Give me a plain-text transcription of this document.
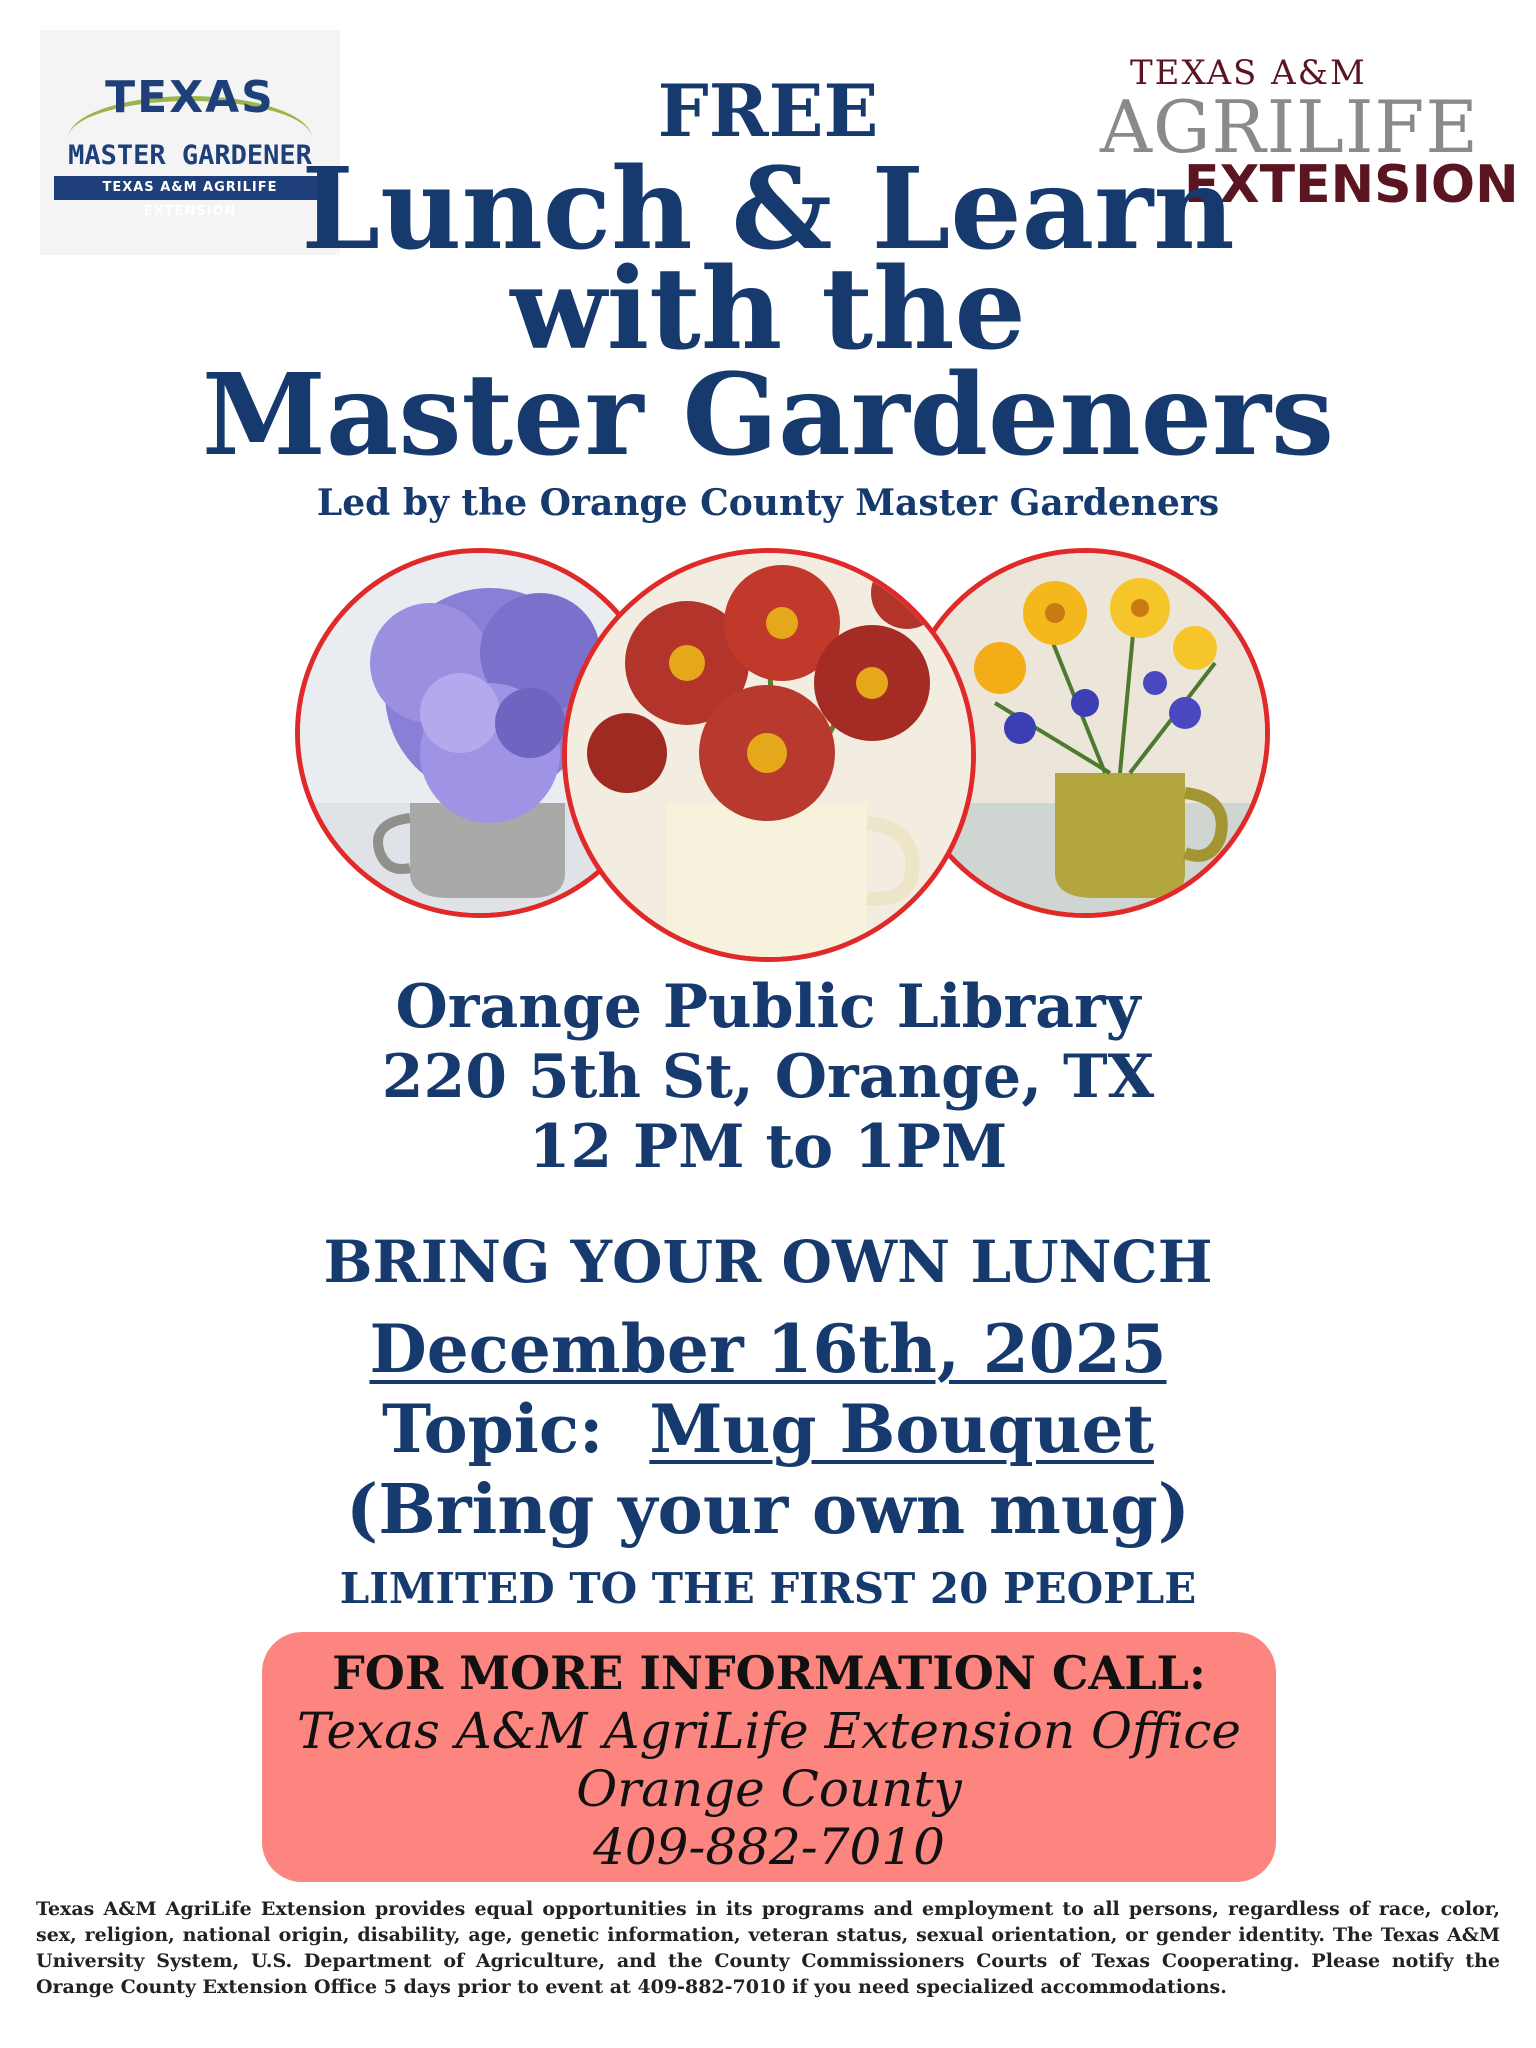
TEXAS
MASTER GARDENER
TEXAS A&M AGRILIFE EXTENSION
TEXAS A&M
AGRILIFE
EXTENSION
FREE
Lunch & Learn
with the
Master Gardeners
Led by the Orange County Master Gardeners
Orange Public Library
220 5th St, Orange, TX
12 PM to 1PM
BRING YOUR OWN LUNCH
December 16th, 2025
Topic: Mug Bouquet
(Bring your own mug)
LIMITED TO THE FIRST 20 PEOPLE
FOR MORE INFORMATION CALL:
Texas A&M AgriLife Extension Office
Orange County
409-882-7010
Texas A&M AgriLife Extension provides equal opportunities in its programs and employment to all persons, regardless of race, color, sex, religion, national origin, disability, age, genetic information, veteran status, sexual orientation, or gender identity. The Texas A&M University System, U.S. Department of Agriculture, and the County Commissioners Courts of Texas Cooperating. Please notify the Orange County Extension Office 5 days prior to event at 409-882-7010 if you need specialized accommodations.
